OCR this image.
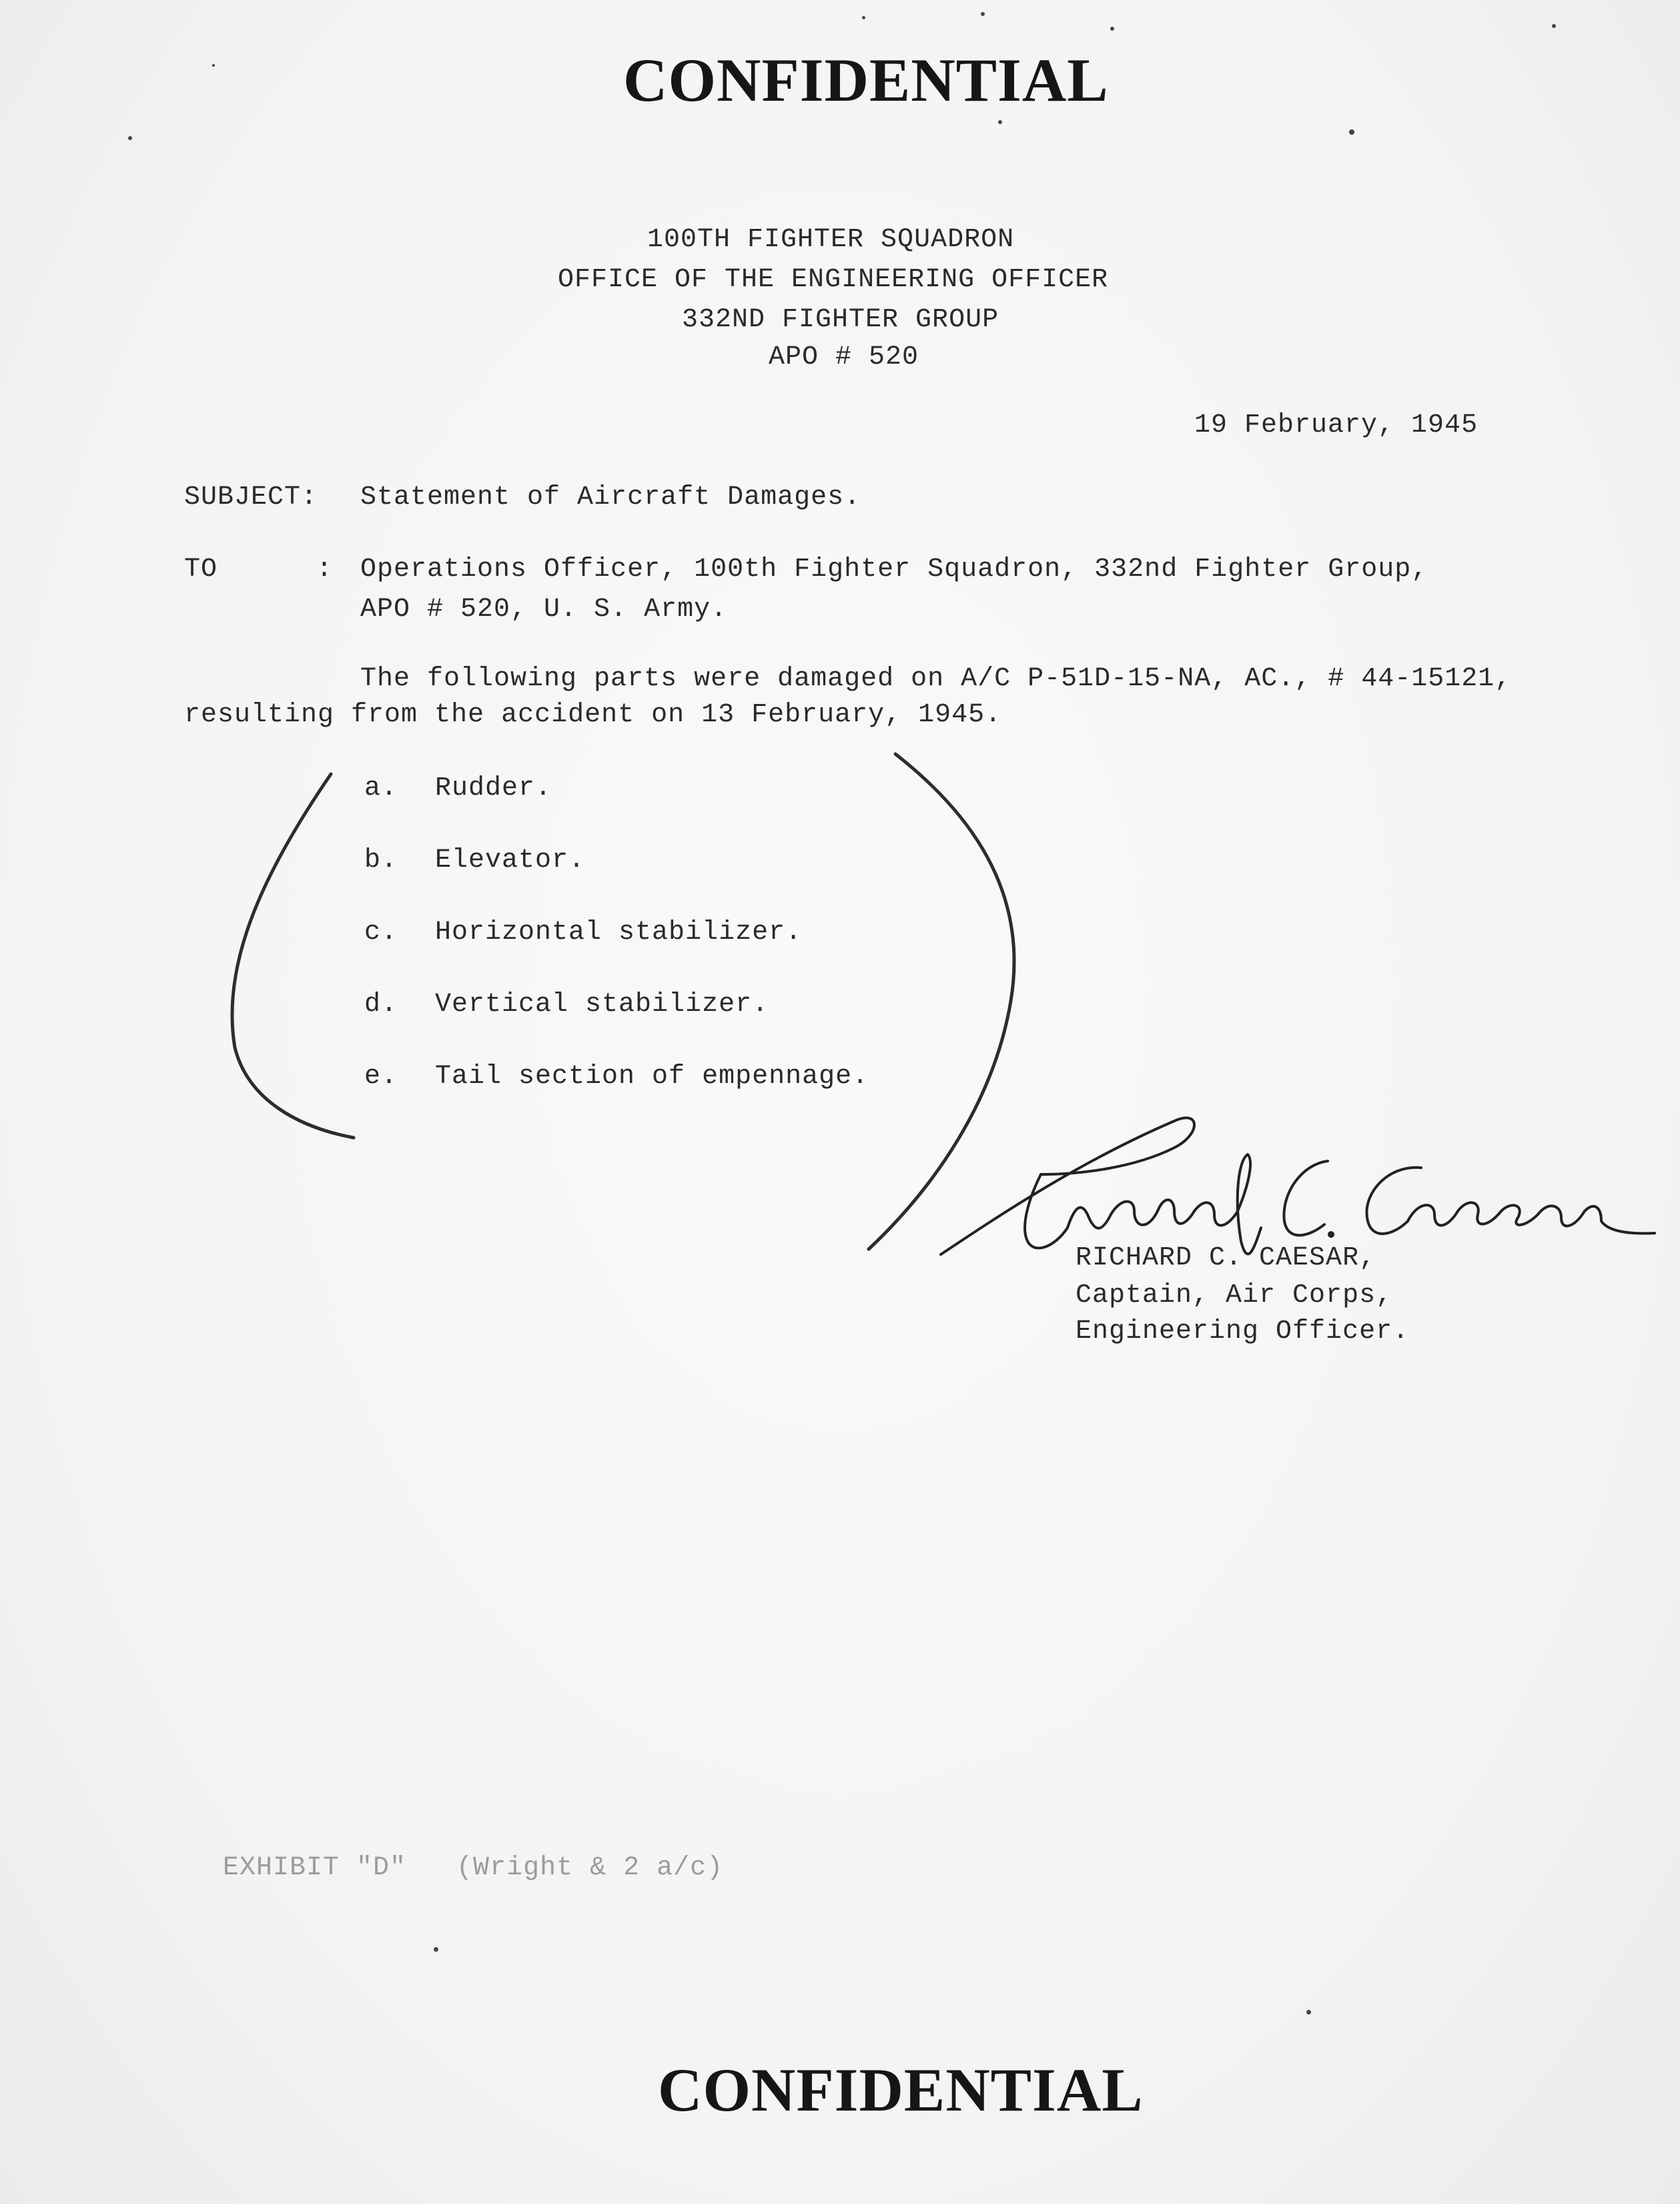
CONFIDENTIAL
100TH FIGHTER SQUADRON
OFFICE OF THE ENGINEERING OFFICER
332ND FIGHTER GROUP
APO # 520
19 February, 1945
SUBJECT: Statement of Aircraft Damages.
TO	: Operations Officer, 100th Fighter Squadron, 332nd Fighter Group,
APO # 520, U. S. Army.
The following parts were damaged on A/C P-51D-15-NA, AC., # 44-15121,
resulting from the accident on 13 February, 1945.
a. Rudder.
b. Elevator.
c. Horizontal stabilizer.
d. Vertical stabilizer.
e. Tail section of empennage.
RICHARD C. CAESAR,
Captain, Air Corps,
Engineering Officer.
EXHIBIT "D"   (Wright & 2 a/c)
CONFIDENTIAL
